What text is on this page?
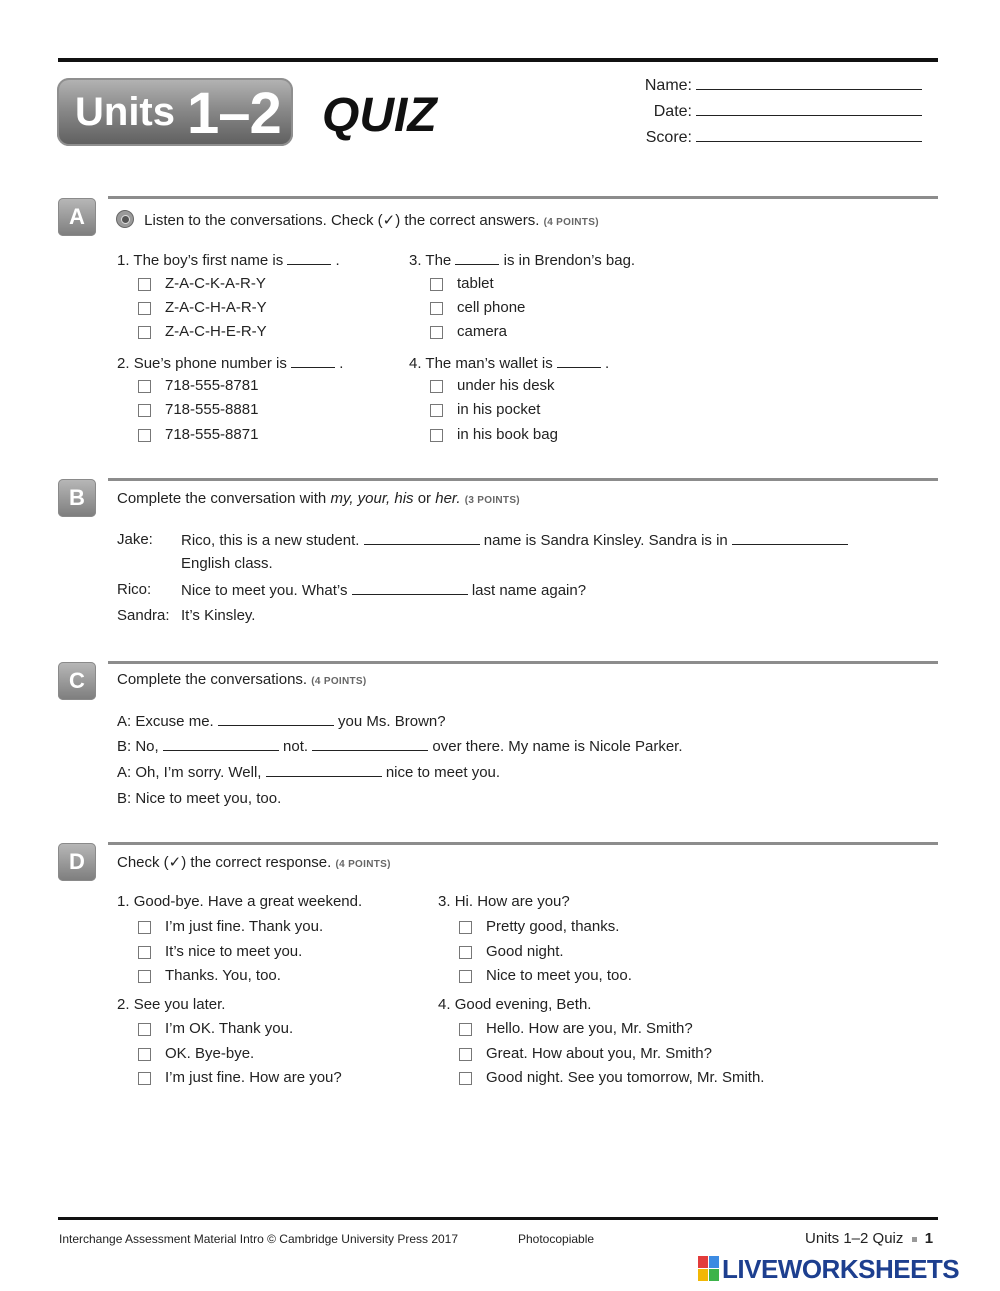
Units 1–2 QUIZ
Name:
Date:
Score:
A	Listen to the conversations. Check (✓) the correct answers. (4 POINTS)
1. The boy’s first name is	.
Z-A-C-K-A-R-Y
Z-A-C-H-A-R-Y
Z-A-C-H-E-R-Y
2. Sue’s phone number is	.
718-555-8781
718-555-8881
718-555-8871
3. The	is in Brendon’s bag.
tablet
cell phone
camera
4. The man’s wallet is	.
under his desk
in his pocket
in his book bag
B	Complete the conversation with my, your, his or her. (3 POINTS)
Jake: Rico, this is a new student.	name is Sandra Kinsley. Sandra is in
English class.
Rico: Nice to meet you. What’s	last name again?
Sandra: It’s Kinsley.
C	Complete the conversations. (4 POINTS)
A: Excuse me.	you Ms. Brown?
B: No,	not.	over there. My name is Nicole Parker.
A: Oh, I’m sorry. Well,	nice to meet you.
B: Nice to meet you, too.
D	Check (✓) the correct response. (4 POINTS)
1. Good-bye. Have a great weekend.
I’m just fine. Thank you.
It’s nice to meet you.
Thanks. You, too.
2. See you later.
I’m OK. Thank you.
OK. Bye-bye.
I’m just fine. How are you?
3. Hi. How are you?
Pretty good, thanks.
Good night.
Nice to meet you, too.
4. Good evening, Beth.
Hello. How are you, Mr. Smith?
Great. How about you, Mr. Smith?
Good night. See you tomorrow, Mr. Smith.
Interchange Assessment Material Intro © Cambridge University Press 2017	Photocopiable	Units 1–2 Quiz 1
LIVEWORKSHEETS
